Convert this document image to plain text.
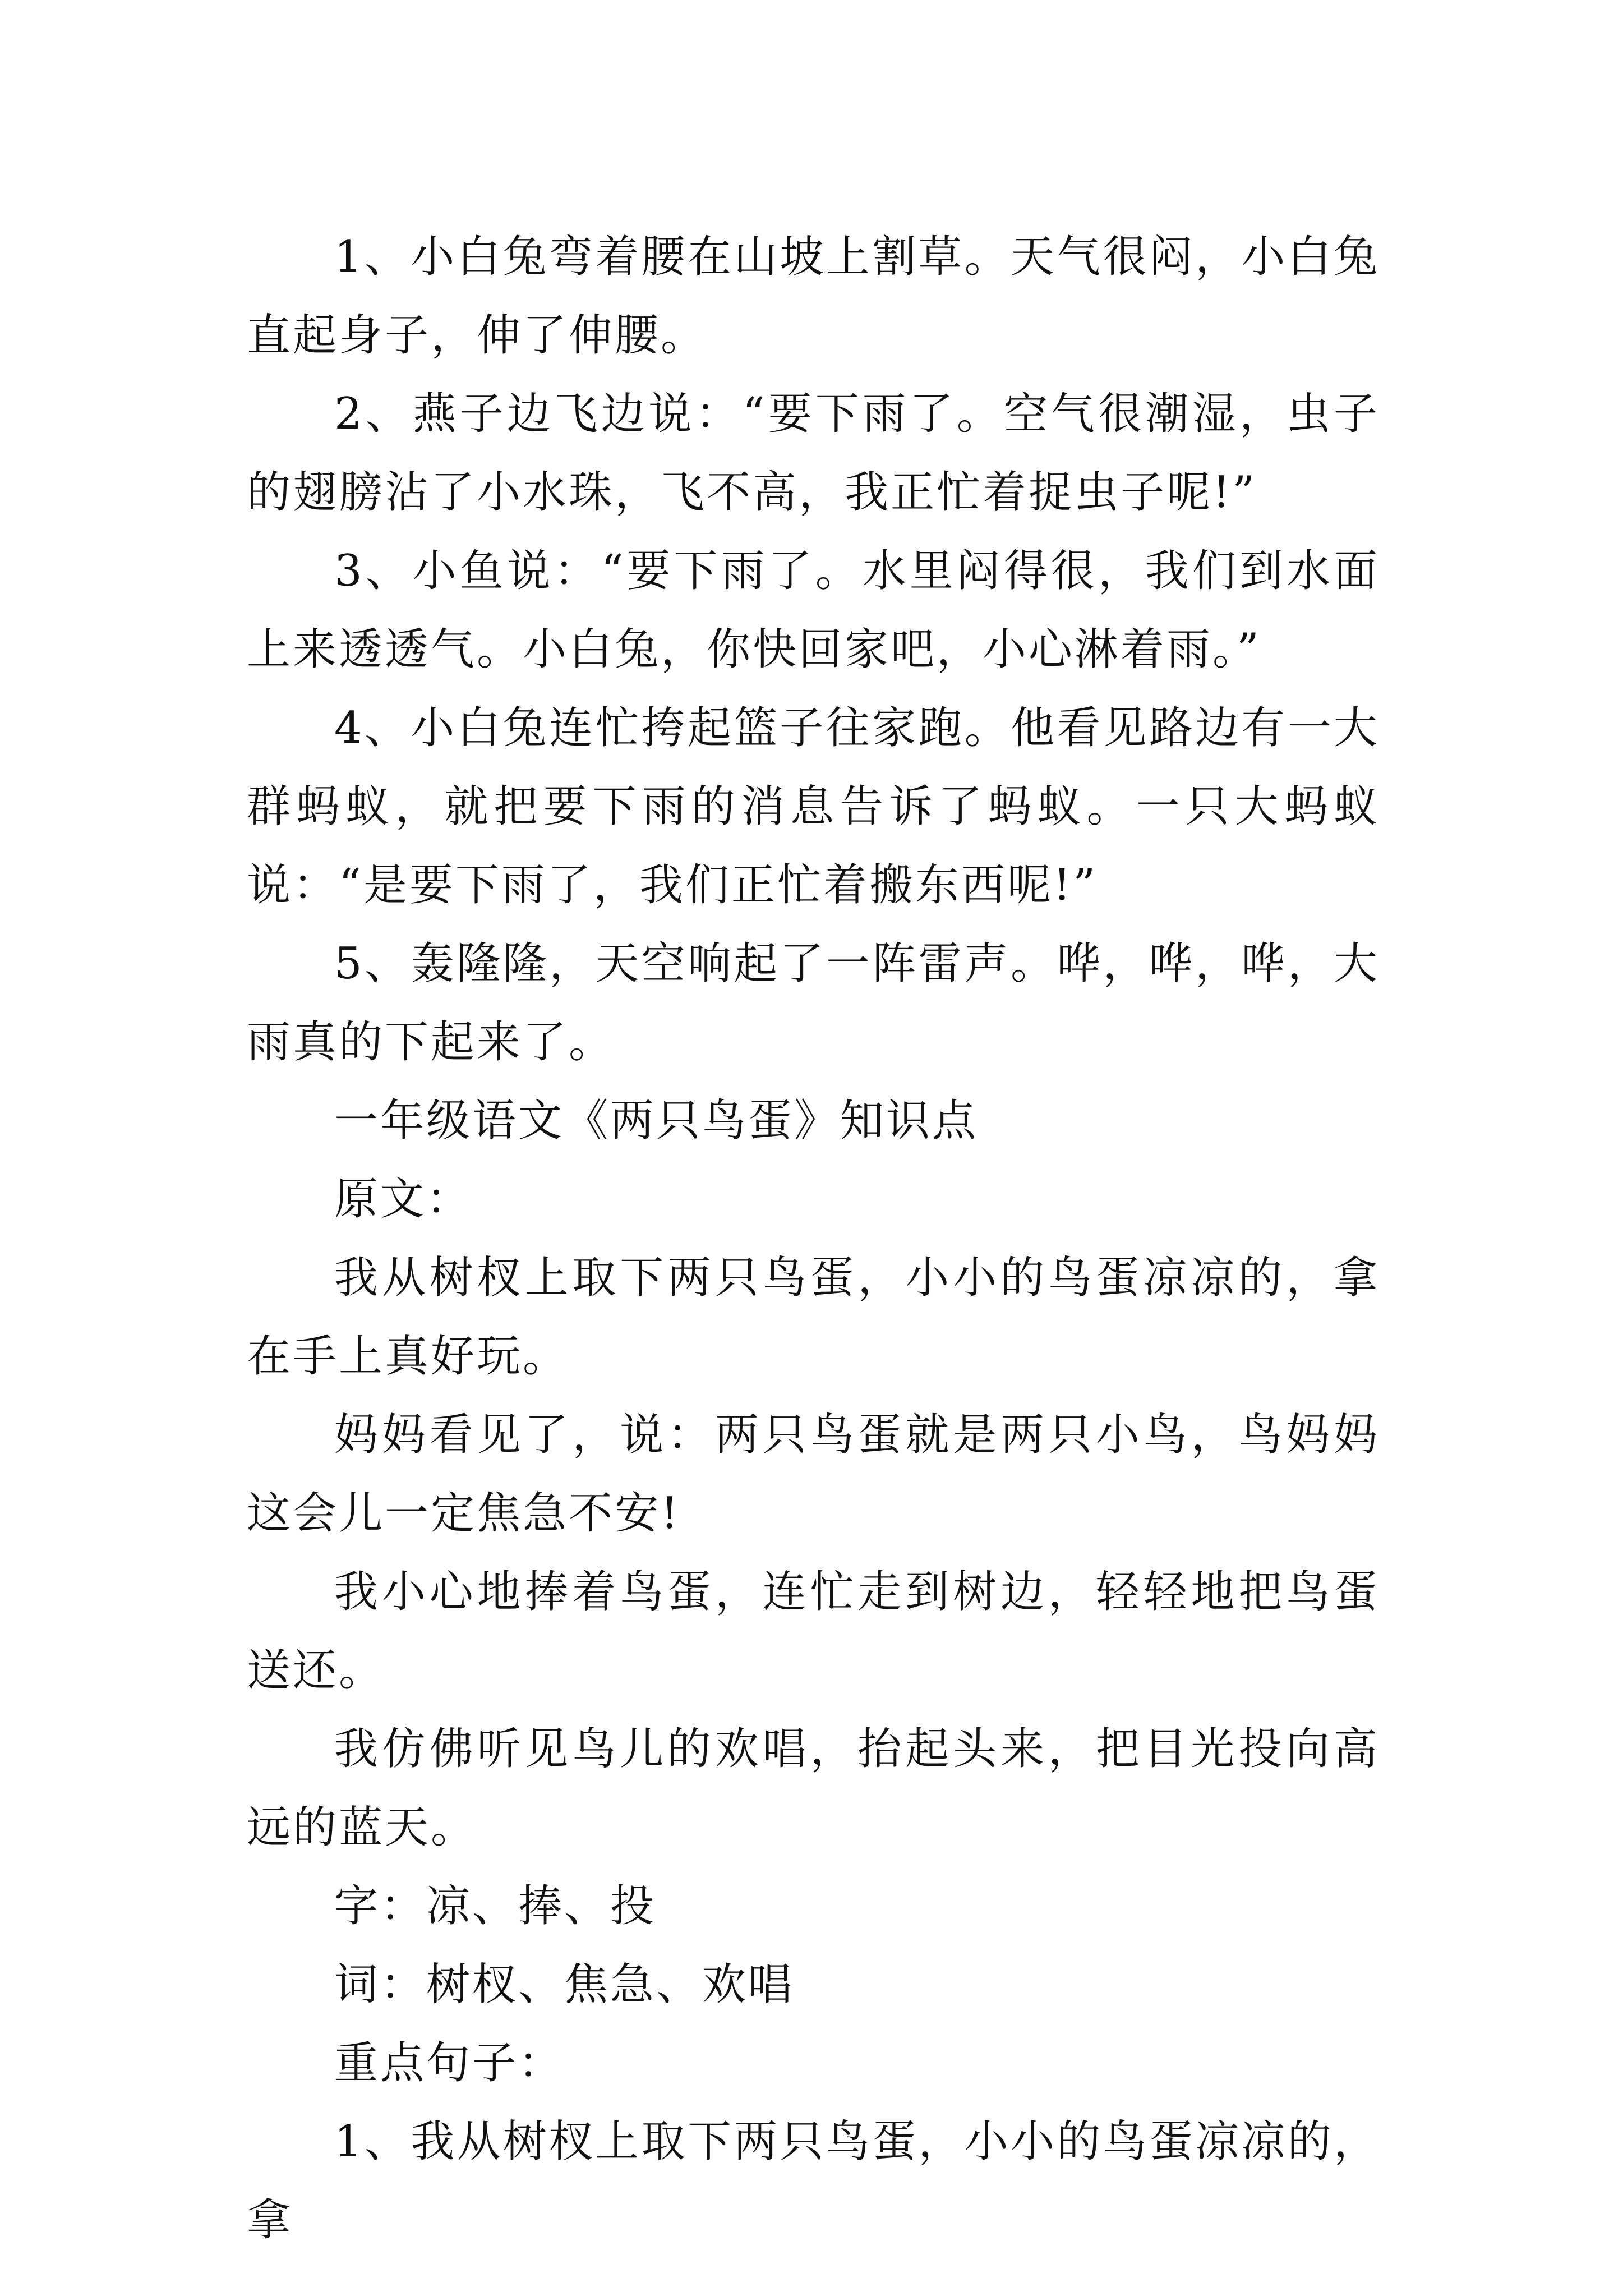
1、小白兔弯着腰在山坡上割草。天气很闷，小白兔直起身子，伸了伸腰。

2、燕子边飞边说：“要下雨了。空气很潮湿，虫子的翅膀沾了小水珠，飞不高，我正忙着捉虫子呢!”

3、小鱼说：“要下雨了。水里闷得很，我们到水面上来透透气。小白兔，你快回家吧，小心淋着雨。”

4、小白兔连忙挎起篮子往家跑。他看见路边有一大群蚂蚁，就把要下雨的消息告诉了蚂蚁。一只大蚂蚁说：“是要下雨了，我们正忙着搬东西呢!”

5、轰隆隆，天空响起了一阵雷声。哗，哗，哗，大雨真的下起来了。

一年级语文《两只鸟蛋》知识点

原文：

我从树杈上取下两只鸟蛋，小小的鸟蛋凉凉的，拿在手上真好玩。

妈妈看见了，说：两只鸟蛋就是两只小鸟，鸟妈妈这会儿一定焦急不安!

我小心地捧着鸟蛋，连忙走到树边，轻轻地把鸟蛋送还。

我仿佛听见鸟儿的欢唱，抬起头来，把目光投向高远的蓝天。

字：凉、捧、投

词：树杈、焦急、欢唱

重点句子：

1、我从树杈上取下两只鸟蛋，小小的鸟蛋凉凉的，拿
